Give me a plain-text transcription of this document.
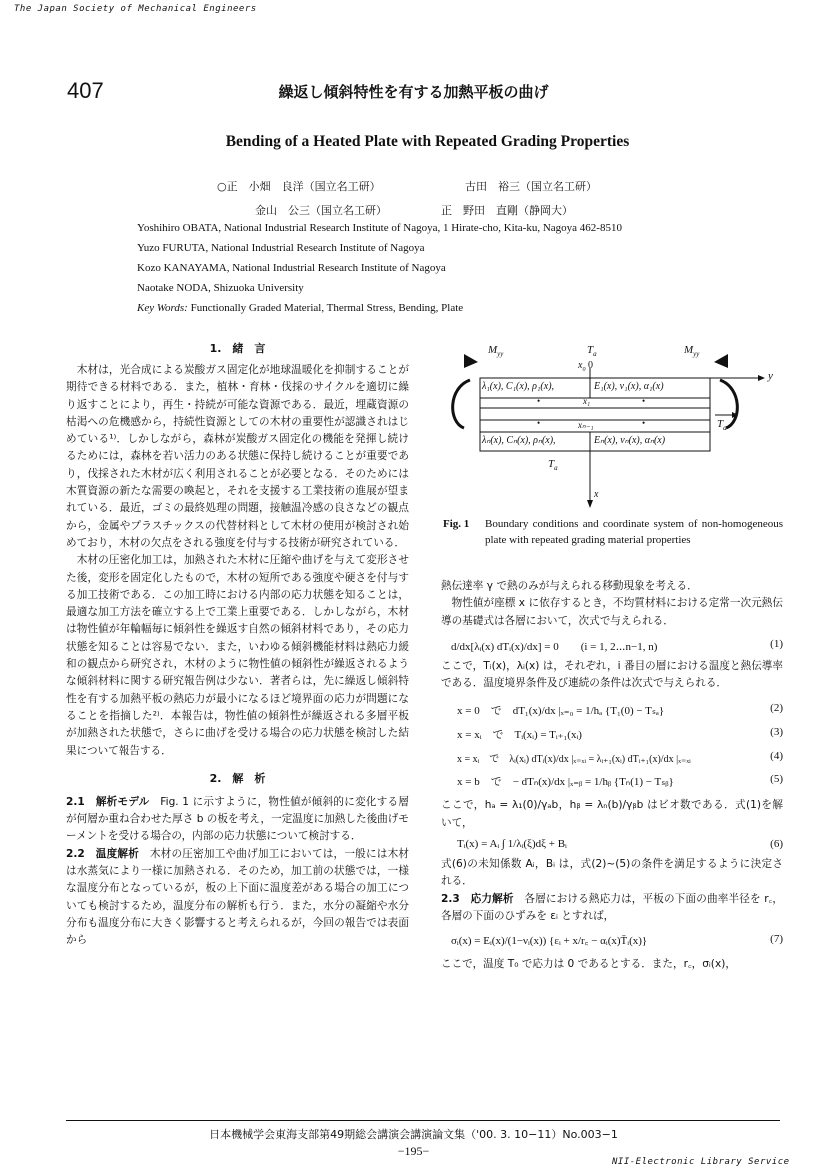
The Japan Society of Mechanical Engineers
407	繰返し傾斜特性を有する加熱平板の曲げ
Bending of a Heated Plate with Repeated Grading Properties
○正　小畑　良洋（国立名工研）	古田　裕三（国立名工研）
金山　公三（国立名工研）	正　野田　直剛（静岡大）
Yoshihiro OBATA, National Industrial Research Institute of Nagoya, 1 Hirate-cho, Kita-ku, Nagoya 462-8510
Yuzo FURUTA, National Industrial Research Institute of Nagoya
Kozo KANAYAMA, National Industrial Research Institute of Nagoya
Naotake NODA, Shizuoka University
Key Words: Functionally Graded Material, Thermal Stress, Bending, Plate
1.　緒　言
　木材は，光合成による炭酸ガス固定化が地球温暖化を抑制することが期待できる材料である．また，植林・育林・伐採のサイクルを適切に繰り返すことにより，再生・持続が可能な資源である．最近，埋蔵資源の枯渇への危機感から，持続性資源としての木材の重要性が認識されはじめている¹⁾．しかしながら，森林が炭酸ガス固定化の機能を発揮し続けるためには，森林を若い活力のある状態に保持し続けることが重要であり，伐採された木材が広く利用されることが必要となる．そのためには木質資源の新たな需要の喚起と，それを支援する工業技術の進展が望まれている．最近，ゴミの最終処理の問題，接触温冷感の良さなどの観点から，金属やプラスチックスの代替材料として木材の使用が検討され始めており，木材の欠点をされる強度を付与する技術が研究されている．
　木材の圧密化加工は，加熱された木材に圧縮や曲げを与えて変形させた後，変形を固定化したもので，木材の短所である強度や硬さを付与する加工技術である．この加工時における内部の応力状態を知ることは，最適な加工方法を確立する上で工業上重要である．しかしながら，木材は物性値が年輪幅毎に傾斜性を繰返す自然の傾斜材料であり，その応力状態を知ることは容易でない．また，いわゆる傾斜機能材料は熱応力緩和の観点から研究され，木材のように物性値の傾斜性が繰返されるような傾斜材料に関する研究報告例は少ない．著者らは，先に繰返し傾斜特性を有する加熱平板の熱応力が最小になるほど境界面の応力が問題になることを指摘した²⁾．本報告は，物性値の傾斜性が繰返される多層平板が加熱された状態で，さらに曲げを受ける場合の応力状態を検討した結果について報告する．
2.　解　析
2.1　解析モデル　Fig. 1 に示すように，物性値が傾斜的に変化する層が何層か重ね合わせた厚さ b の板を考え，一定温度に加熱した後曲げモーメントを受ける場合の，内部の応力状態について検討する．
2.2　温度解析　木材の圧密加工や曲げ加工においては，一般には木材は水蒸気により一様に加熱される．そのため，加工前の状態では，一様な温度分布となっているが，板の上下面に温度差がある場合の加工についても検討するため，温度分布の解析も行う．また，水分の凝縮や水分分布も温度分布に大きく影響すると考えられるが，今回の報告では表面から
$M_{yy}$	$M_{yy}$
$T_a$
$x_0$ 0
y
$T_a$
$T_a$
x
λ₁(x), C₁(x), ρ₁(x),	E₁(x), ν₁(x), α₁(x)
•	•
x₁
•	•
xₙ₋₁
λₙ(x), Cₙ(x), ρₙ(x),	Eₙ(x), νₙ(x), αₙ(x)
Fig. 1	Boundary conditions and coordinate system of non-homogeneous plate with repeated grading material properties
熱伝達率 γ で熱のみが与えられる移動現象を考える．
　物性値が座標 x に依存するとき，不均質材料における定常一次元熱伝導の基礎式は各層において，次式で与えられる．
d/dx[λᵢ(x) dTᵢ(x)/dx] = 0　　(i = 1, 2⋯n−1, n)	(1)
ここで，Tᵢ(x)，λᵢ(x) は，それぞれ，i 番目の層における温度と熱伝導率である．温度境界条件及び連続の条件は次式で与えられる．
x = 0　で　dT₁(x)/dx |ₓ₌₀ = 1/hₐ {T₁(0) − Tₛₐ}	(2)
x = xᵢ　で　Tᵢ(xᵢ) = Tᵢ₊₁(xᵢ)	(3)
x = xᵢ　で　λᵢ(xᵢ) dTᵢ(x)/dx |ₓ₌ₓᵢ = λᵢ₊₁(xᵢ) dTᵢ₊₁(x)/dx |ₓ₌ₓᵢ	(4)
x = b　で　− dTₙ(x)/dx |ₓ₌ᵦ = 1/hᵦ {Tₙ(1) − Tₛᵦ}	(5)
ここで，hₐ = λ₁(0)/γₐb，hᵦ = λₙ(b)/γᵦb はビオ数である．式(1)を解いて，
Tᵢ(x) = Aᵢ ∫ 1/λᵢ(ξ)dξ + Bᵢ	(6)
式(6)の未知係数 Aᵢ，Bᵢ は，式(2)~(5)の条件を満足するように決定される．
2.3　応力解析　各層における熱応力は，平板の下面の曲率半径を r꜀，各層の下面のひずみを εᵢ とすれば，
σᵢ(x) = Eᵢ(x)/(1−νᵢ(x)) {εᵢ + x/r꜀ − αᵢ(x)T̄ᵢ(x)}	(7)
ここで，温度 T₀ で応力は 0 であるとする．また，r꜀，σᵢ(x)，
日本機械学会東海支部第49期総会講演会講演論文集（'00. 3. 10−11）No.003−1
−195−
NII-Electronic Library Service
